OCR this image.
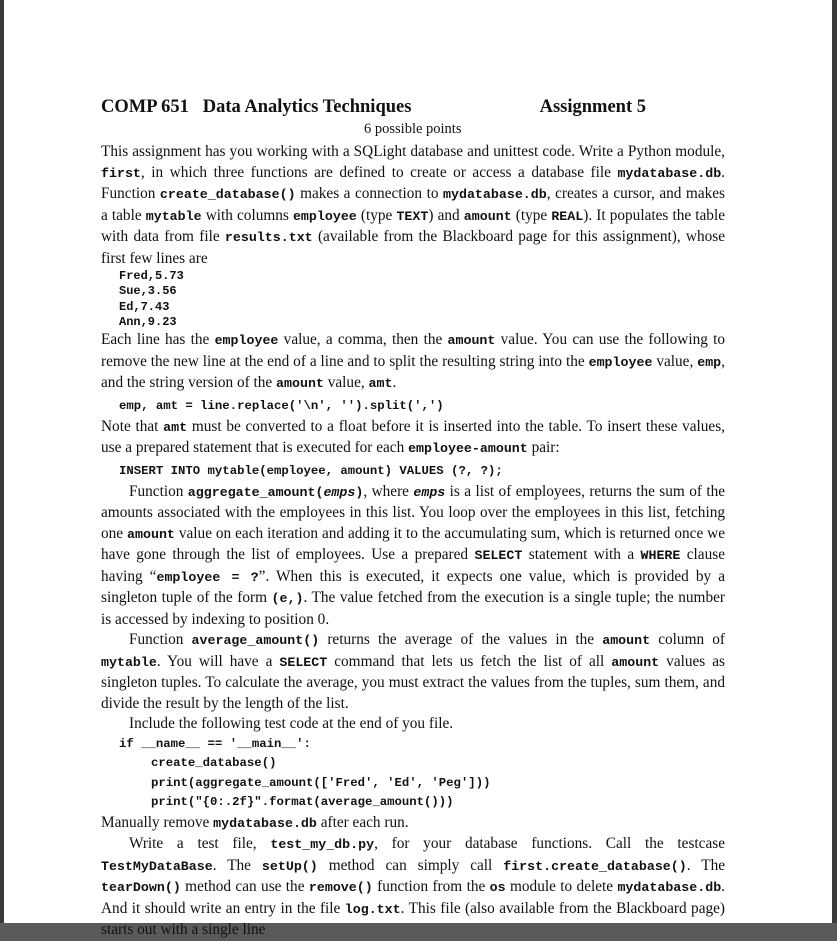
COMP 651   Data Analytics Techniques	Assignment 5
6 possible points

This assignment has you working with a SQLight database and unittest code. Write a Python module, first, in which three functions are defined to create or access a database file mydatabase.db. Function create_database() makes a connection to mydatabase.db, creates a cursor, and makes a table mytable with columns employee (type TEXT) and amount (type REAL). It populates the table with data from file results.txt (available from the Blackboard page for this assignment), whose first few lines are

Fred,5.73
Sue,3.56
Ed,7.43
Ann,9.23

Each line has the employee value, a comma, then the amount value. You can use the following to remove the new line at the end of a line and to split the resulting string into the employee value, emp, and the string version of the amount value, amt.

emp, amt = line.replace('\n', '').split(',')

Note that amt must be converted to a float before it is inserted into the table. To insert these values, use a prepared statement that is executed for each employee-amount pair:

INSERT INTO mytable(employee, amount) VALUES (?, ?);

Function aggregate_amount(emps), where emps is a list of employees, returns the sum of the amounts associated with the employees in this list. You loop over the employees in this list, fetching one amount value on each iteration and adding it to the accumulating sum, which is returned once we have gone through the list of employees. Use a prepared SELECT statement with a WHERE clause having “employee = ?”. When this is executed, it expects one value, which is provided by a singleton tuple of the form (e,). The value fetched from the execution is a single tuple; the number is accessed by indexing to position 0.

Function average_amount() returns the average of the values in the amount column of mytable. You will have a SELECT command that lets us fetch the list of all amount values as singleton tuples. To calculate the average, you must extract the values from the tuples, sum them, and divide the result by the length of the list.

Include the following test code at the end of you file.

if __name__ == '__main__':
create_database()
print(aggregate_amount(['Fred', 'Ed', 'Peg']))
print("{0:.2f}".format(average_amount()))

Manually remove mydatabase.db after each run.

Write a test file, test_my_db.py, for your database functions. Call the testcase TestMyDataBase. The setUp() method can simply call first.create_database(). The tearDown() method can use the remove() function from the os module to delete mydatabase.db. And it should write an entry in the file log.txt. This file (also available from the Blackboard page) starts out with a single line
